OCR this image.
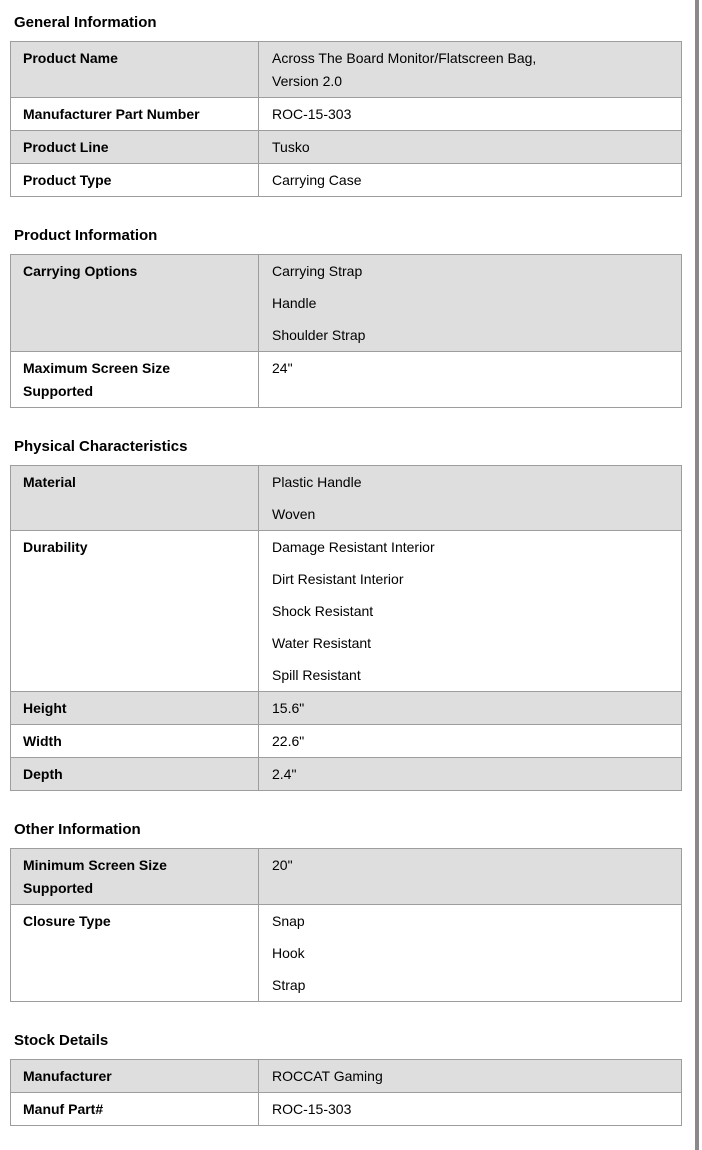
General Information
Product Name	Across The Board Monitor/Flatscreen Bag, Version 2.0

Manufacturer Part Number	ROC-15-303

Product Line	Tusko

Product Type	Carrying Case
Product Information
Carrying Options	Carrying Strap
Handle
Shoulder Strap

Maximum Screen Size Supported	24"
Physical Characteristics
Material	Plastic Handle
Woven

Durability	Damage Resistant Interior
Dirt Resistant Interior
Shock Resistant
Water Resistant
Spill Resistant

Height	15.6"

Width	22.6"

Depth	2.4"
Other Information
Minimum Screen Size Supported	20"

Closure Type	Snap
Hook
Strap
Stock Details
Manufacturer	ROCCAT Gaming

Manuf Part#	ROC-15-303
